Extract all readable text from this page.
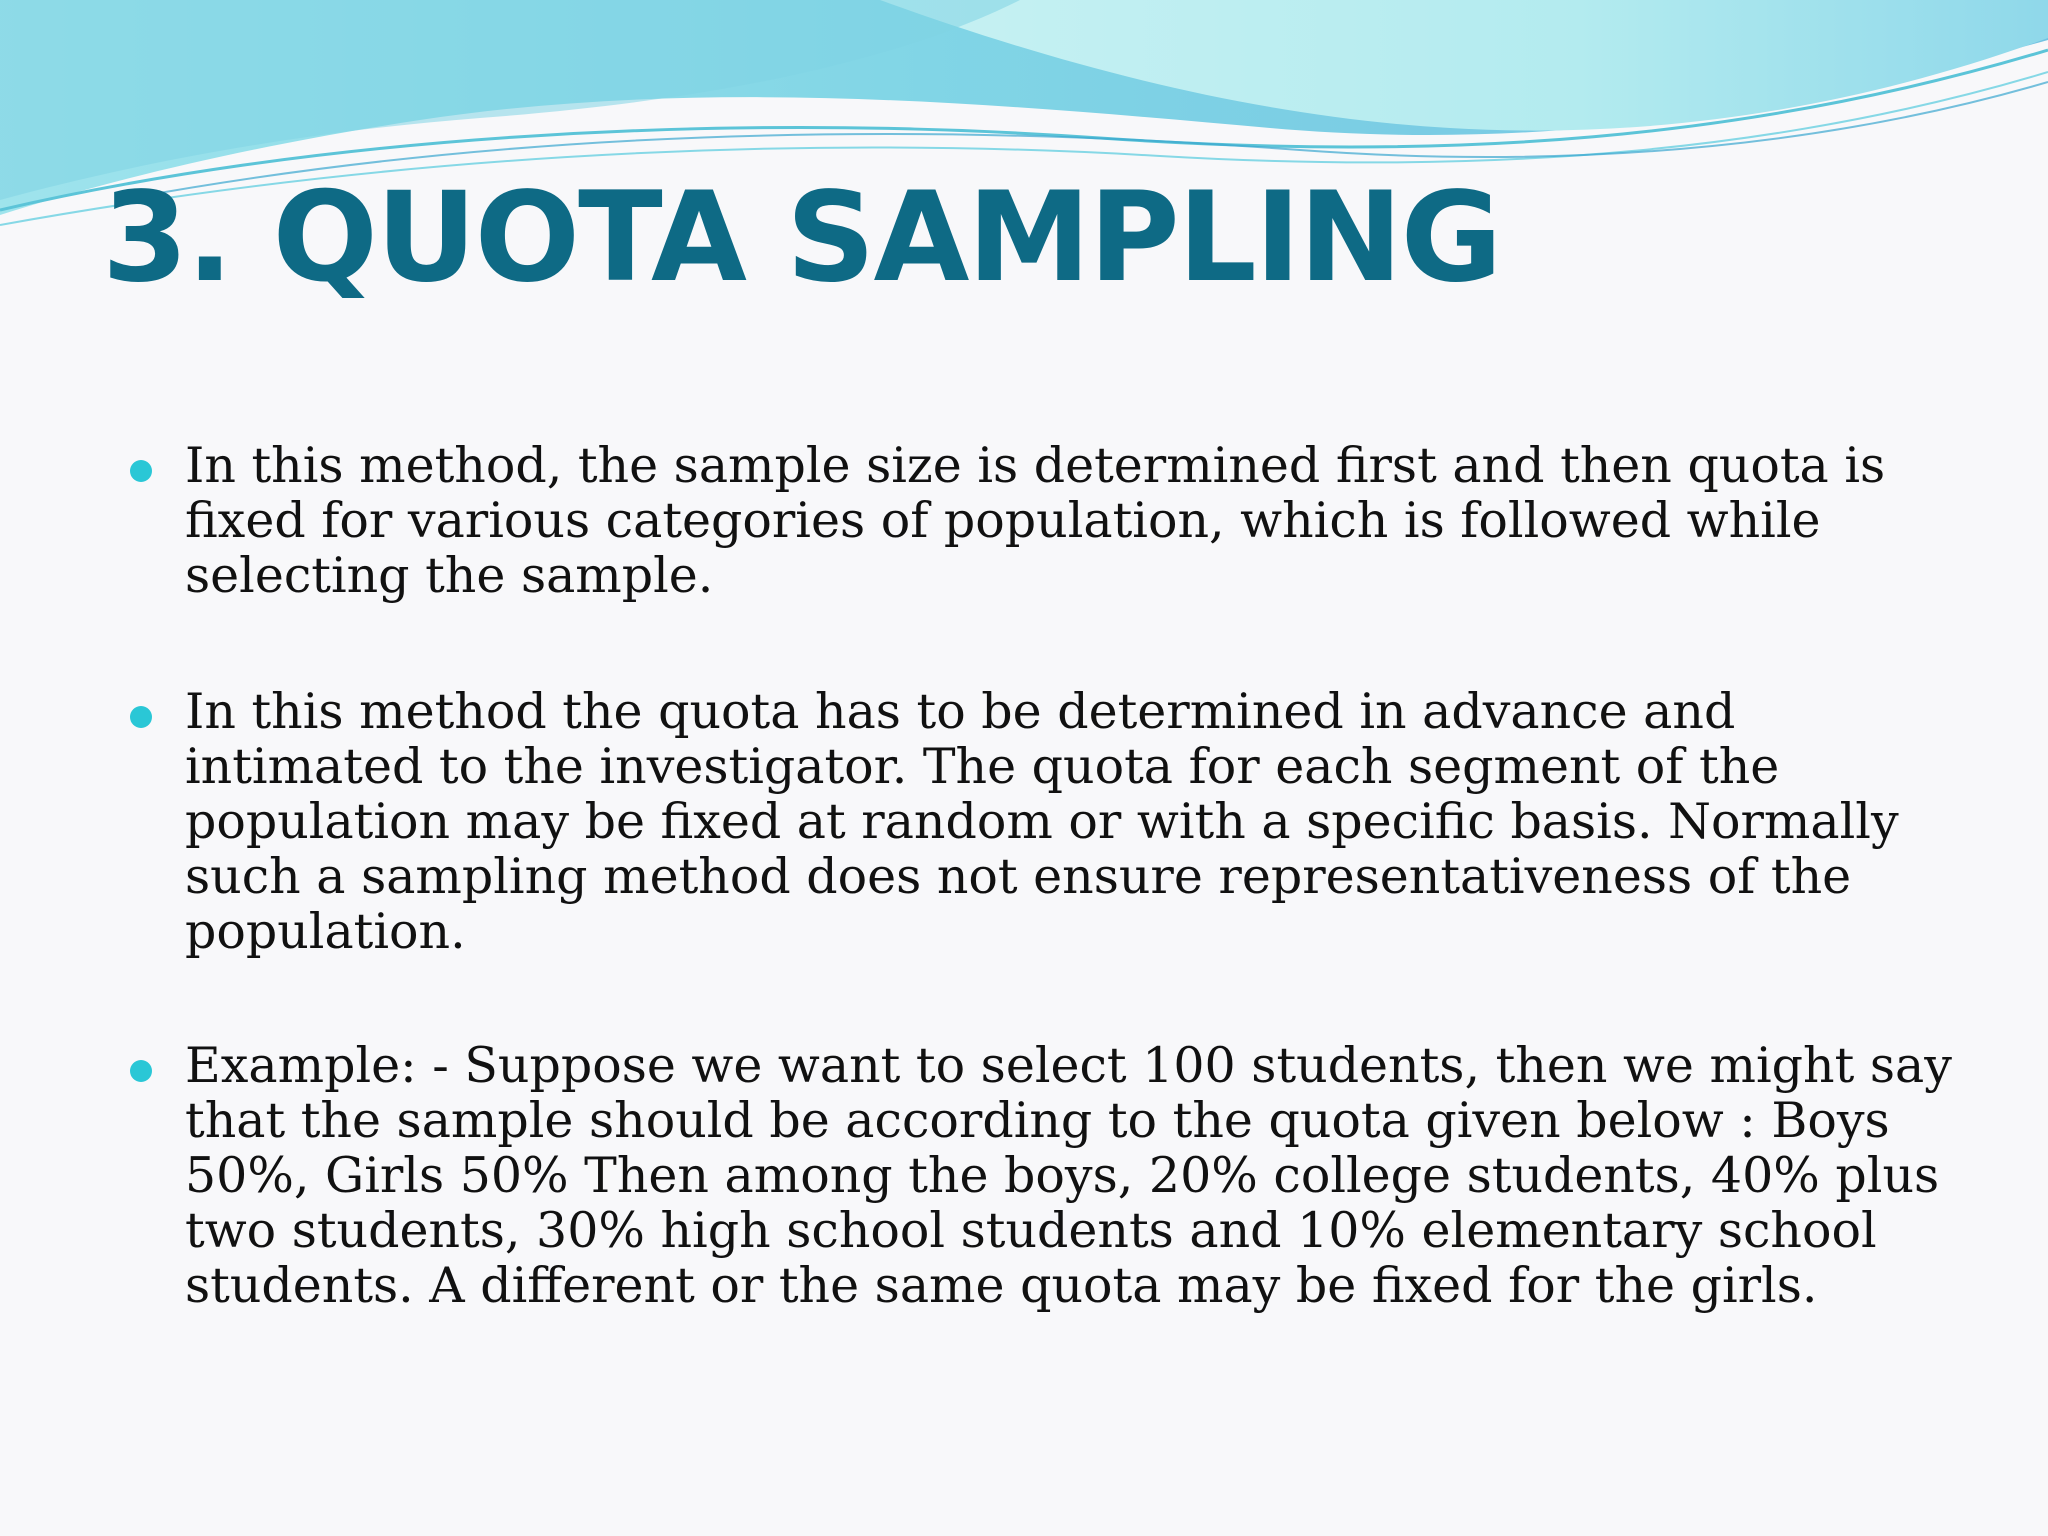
3. QUOTA SAMPLING

In this method, the sample size is determined first and then quota is fixed for various categories of population, which is followed while selecting the sample.

In this method the quota has to be determined in advance and intimated to the investigator. The quota for each segment of the population may be fixed at random or with a specific basis. Normally such a sampling method does not ensure representativeness of the population.

Example: - Suppose we want to select 100 students, then we might say that the sample should be according to the quota given below : Boys 50%, Girls 50% Then among the boys, 20% college students, 40% plus two students, 30% high school students and 10% elementary school students. A different or the same quota may be fixed for the girls.
